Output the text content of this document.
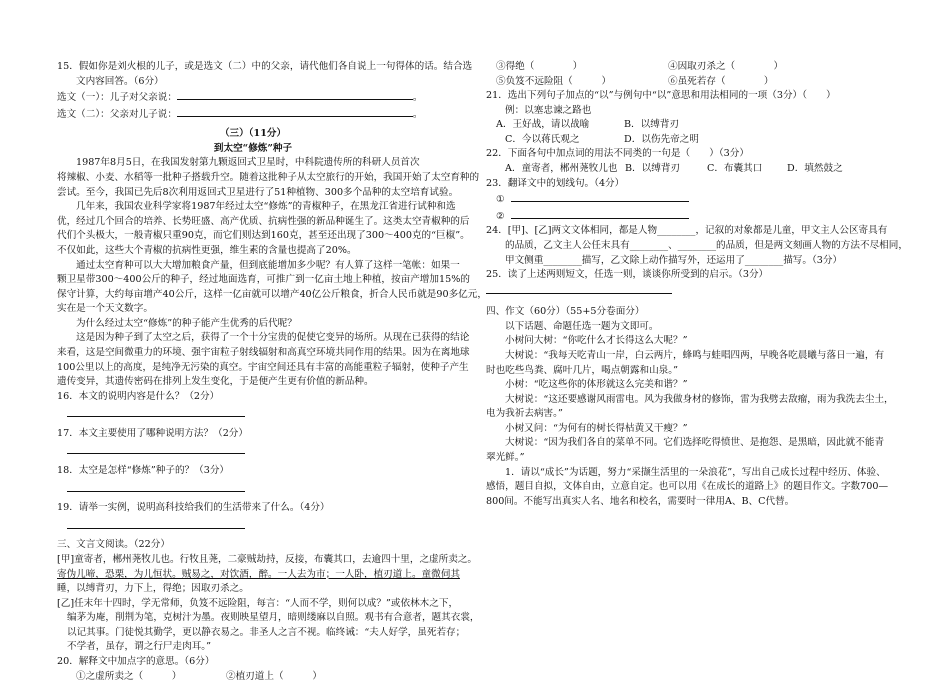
15．假如你是刘火根的儿子，或是选文（二）中的父亲，请代他们各自说上一句得体的话。结合选

文内容回答。（6分）

选文（一）：儿子对父亲说：	。

选文（二）：父亲对儿子说：	。

（三）（11分）

到太空“修炼”种子

1987年8月5日，在我国发射第九颗返回式卫星时，中科院遗传所的科研人员首次

将辣椒、小麦、水稻等一批种子搭载升空。随着这批种子从太空旅行的开始，我国开始了太空育种的

尝试。至今，我国已先后8次利用返回式卫星进行了51种植物、300多个品种的太空培育试验。

几年来，我国农业科学家将1987年经过太空“修炼”的青椒种子，在黑龙江省进行试种和选

优，经过几个回合的培养、长势旺盛、高产优质、抗病性强的新品种诞生了。这类太空青椒种的后

代们个头极大，一般青椒只重90克，而它们则达到160克，甚至还出现了300～400克的“巨椒”。

不仅如此，这些大个青椒的抗病性更强，维生素的含量也提高了20%。

通过太空育种可以大大增加粮食产量，但到底能增加多少呢？有人算了这样一笔帐：如果一

颗卫星带300～400公斤的种子，经过地面选育，可推广到一亿亩土地上种植，按亩产增加15%的

保守计算，大约每亩增产40公斤，这样一亿亩就可以增产40亿公斤粮食，折合人民币就是90多亿元，

实在是一个天文数字。

为什么经过太空“修炼”的种子能产生优秀的后代呢？

这是因为种子到了太空之后，获得了一个十分宝贵的促使它变异的场所。从现在已获得的结论

来看，这是空间微重力的环境、强宇宙粒子射线辐射和高真空环境共同作用的结果。因为在离地球

100公里以上的高度，是纯净无污染的真空。宇宙空间还具有丰富的高能重粒子辐射，使种子产生

遗传变异，其遗传密码在排列上发生变化，于是便产生更有价值的新品种。

16．本文的说明内容是什么？（2分）

17．本文主要使用了哪种说明方法？（2分）

18．太空是怎样“修炼”种子的？（3分）

19．请举一实例，说明高科技给我们的生活带来了什么。（4分）

三、文言文阅读。（22分）

[甲]童寄者，郴州荛牧儿也。行牧且荛，二豪贼劫持，反接，布囊其口，去逾四十里，之虚所卖之。

寄伪儿啼，恐栗，为儿恒状。贼易之，对饮酒，醉。一人去为市；一人卧，植刃道上。童微伺其

睡，以缚背刃，力下上，得绝；因取刃杀之。

[乙]任末年十四时，学无常师，负笈不远险阻，每言：“人而不学，则何以成？”或依林木之下，

编茅为庵，削荆为笔，克树汁为墨。夜则映星望月，暗则缕麻以自照。观书有合意者，题其衣裳，

以记其事。门徒悦其勤学，更以静衣易之。非圣人之言不视。临终诫：“夫人好学，虽死若存；

不学者，虽存，谓之行尸走肉耳。”

20．解释文中加点字的意思。（6分）

①之虚所卖之（　　　）	②植刃道上（　　　）

③得绝（　　　　）	④因取刃杀之（　　　　）

⑤负笈不远险阻（　　　）	⑥虽死若存（　　　　）

21．选出下列句子加点的“以”与例句中“以”意思和用法相同的一项（3分）（　　）

例：以塞忠谏之路也

A．王好战，请以战喻	B．以缚背刃

C．今以蒋氏观之	D．以伤先帝之明

22．下面各句中加点词的用法不同类的一句是（　　）（3分）

A．童寄者，郴州荛牧儿也 B．以缚背刃	C．布囊其口	D．填然鼓之

23．翻译文中的划线句。（4分）

①

②

24．[甲]、[乙]两文文体相同，都是人物________，记叙的对象都是儿童，甲文主人公区寄具有

的品质，乙文主人公任末具有________、________的品质，但是两文刻画人物的方法不尽相同，

甲文侧重________描写，乙文除上动作描写外，还运用了________描写。（3分）

25．读了上述两则短文，任选一则，谈谈你所受到的启示。（3分）

四、作文（60分）（55+5分卷面分）

以下话题、命题任选一题为文即可。

小树问大树：“你吃什么才长得这么大呢？”

大树说：“我每天吃青山一岸，白云两片，蜂鸣与蛙唱四两，早晚各吃晨曦与落日一遍，有

时也吃些鸟粪、腐叶几片，喝点朝露和山泉。”

小树：“吃这些你的体形就这么完美和谐？”

大树说：“这还要感谢风雨雷电。风为我做身材的修饰，雷为我劈去敌瘤，雨为我洗去尘土，

电为我祈去病害。”

小树又问：“为何有的树长得枯黄又干瘦？”

大树说：“因为我们各自的菜单不同。它们选择吃得愤世、是抱怨、是黑暗，因此就不能青

翠光鲜。”

1．请以“成长”为话题，努力“采撷生活里的一朵浪花”，写出自己成长过程中经历、体验、

感悟，题目自拟，文体自由，立意自定。也可以用《在成长的道路上》的题目作文。字数700—

800间。不能写出真实人名、地名和校名，需要时一律用A、B、C代替。
